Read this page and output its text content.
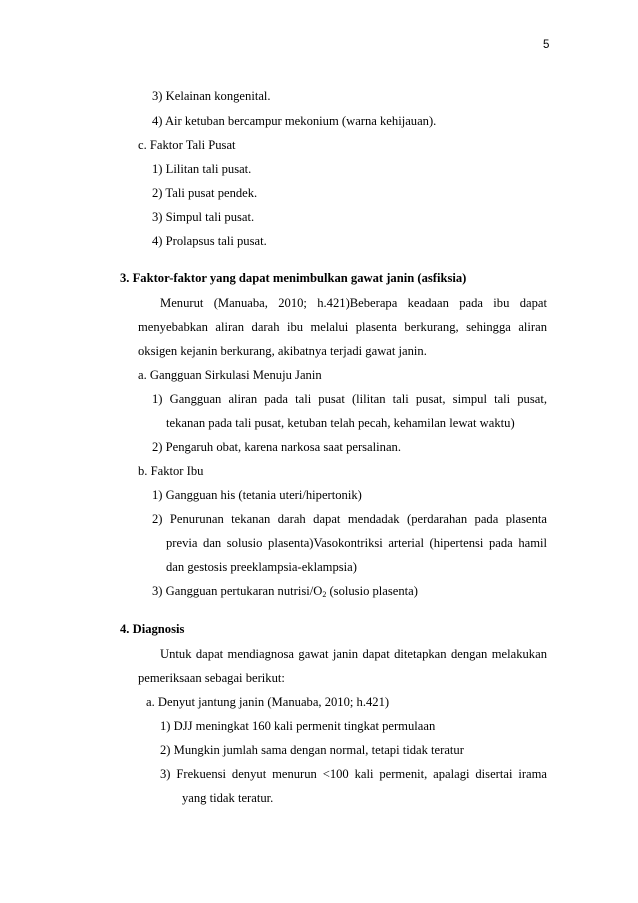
5
3) Kelainan kongenital.
4) Air ketuban bercampur mekonium (warna kehijauan).
c. Faktor Tali Pusat
1) Lilitan tali pusat.
2) Tali pusat pendek.
3) Simpul tali pusat.
4) Prolapsus tali pusat.
3. Faktor-faktor yang dapat menimbulkan gawat janin (asfiksia)
Menurut (Manuaba, 2010; h.421)Beberapa keadaan pada ibu dapat
menyebabkan aliran darah ibu melalui plasenta berkurang, sehingga aliran
oksigen kejanin berkurang, akibatnya terjadi gawat janin.
a. Gangguan Sirkulasi Menuju Janin
1) Gangguan aliran pada tali pusat (lilitan tali pusat, simpul tali pusat,
tekanan pada tali pusat, ketuban telah pecah, kehamilan lewat waktu)
2) Pengaruh obat, karena narkosa saat persalinan.
b. Faktor Ibu
1) Gangguan his (tetania uteri/hipertonik)
2) Penurunan tekanan darah dapat mendadak (perdarahan pada plasenta
previa dan solusio plasenta)Vasokontriksi arterial (hipertensi pada hamil
dan gestosis preeklampsia-eklampsia)
3) Gangguan pertukaran nutrisi/$O_2$ (solusio plasenta)
4. Diagnosis
Untuk dapat mendiagnosa gawat janin dapat ditetapkan dengan melakukan
pemeriksaan sebagai berikut:
a. Denyut jantung janin (Manuaba, 2010; h.421)
1) DJJ meningkat 160 kali permenit tingkat permulaan
2) Mungkin jumlah sama dengan normal, tetapi tidak teratur
3) Frekuensi denyut menurun <100 kali permenit, apalagi disertai irama
yang tidak teratur.
